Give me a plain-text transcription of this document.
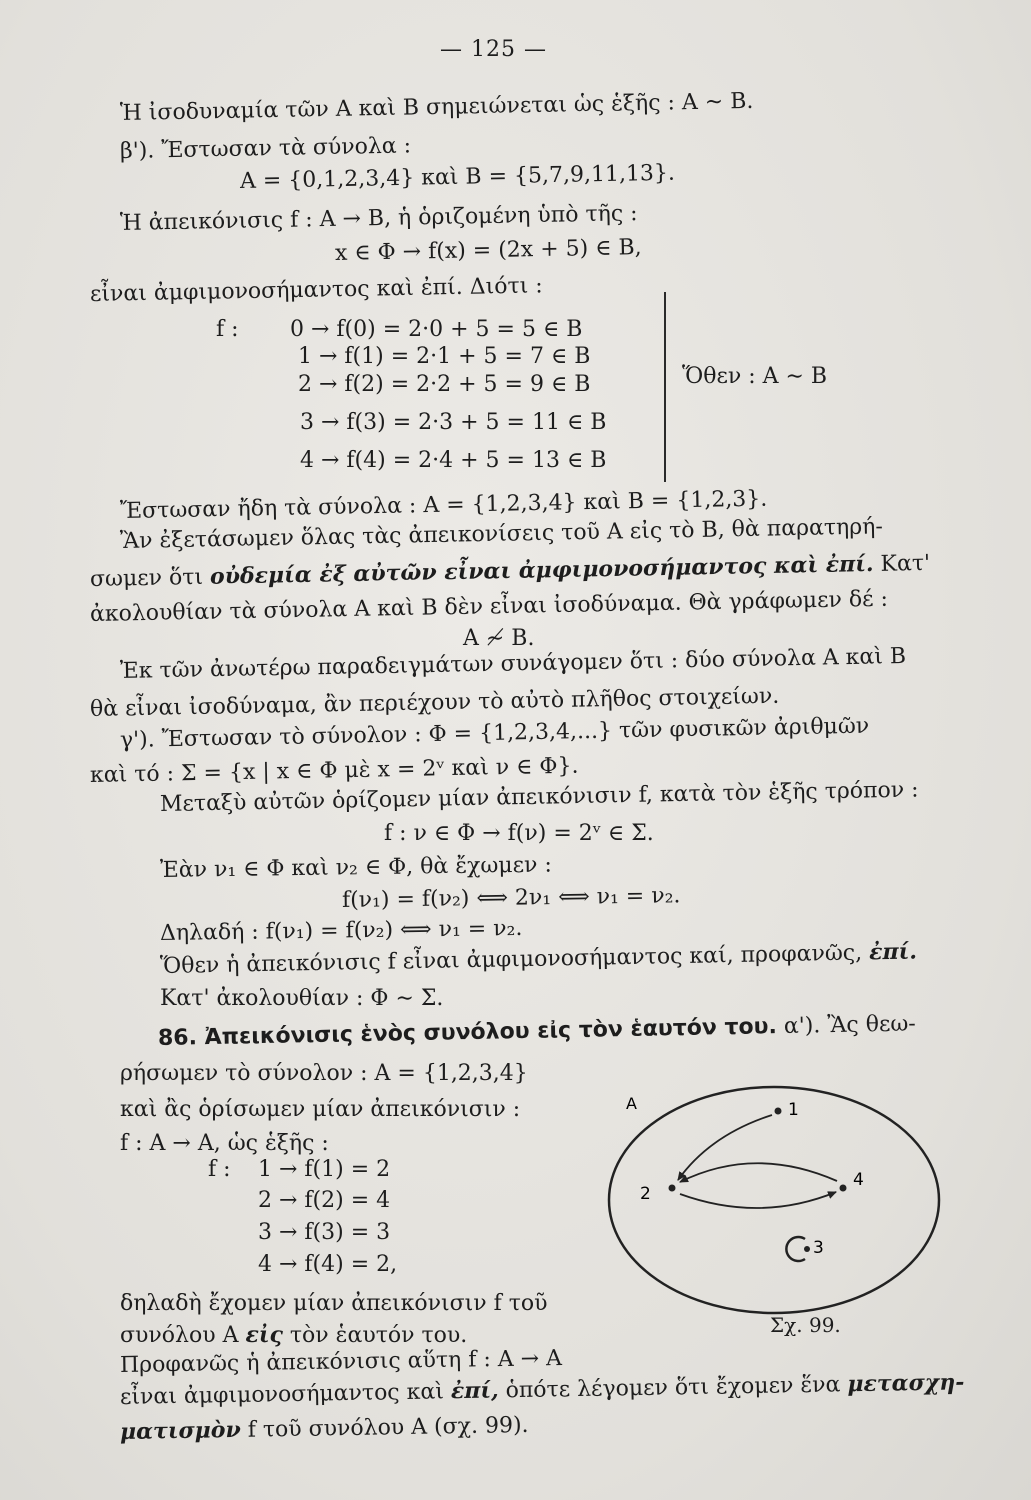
— 125 —
Ἡ ἰσοδυναμία τῶν Α καὶ Β σημειώνεται ὡς ἑξῆς : Α ∼ Β.
β'). Ἔστωσαν τὰ σύνολα :
Α = {0,1,2,3,4} καὶ Β = {5,7,9,11,13}.
Ἡ ἀπεικόνισις f : Α → Β, ἡ ὁριζομένη ὑπὸ τῆς :
x ∈ Φ → f(x) = (2x + 5) ∈ Β,
εἶναι ἀμφιμονοσήμαντος καὶ ἐπί. Διότι :
f : 0 → f(0) = 2·0 + 5 = 5 ∈ Β
1 → f(1) = 2·1 + 5 = 7 ∈ Β
2 → f(2) = 2·2 + 5 = 9 ∈ Β
3 → f(3) = 2·3 + 5 = 11 ∈ Β
4 → f(4) = 2·4 + 5 = 13 ∈ Β
Ὅθεν : Α ∼ Β
Ἔστωσαν ἤδη τὰ σύνολα : Α = {1,2,3,4} καὶ Β = {1,2,3}.
Ἂν ἐξετάσωμεν ὅλας τὰς ἀπεικονίσεις τοῦ Α εἰς τὸ Β, θὰ παρατηρή-
σωμεν ὅτι οὐδεμία ἐξ αὐτῶν εἶναι ἀμφιμονοσήμαντος καὶ ἐπί. Κατ'
ἀκολουθίαν τὰ σύνολα Α καὶ Β δὲν εἶναι ἰσοδύναμα. Θὰ γράφωμεν δέ :
Α ≁ Β.
Ἐκ τῶν ἀνωτέρω παραδειγμάτων συνάγομεν ὅτι : δύο σύνολα Α καὶ Β
θὰ εἶναι ἰσοδύναμα, ἂν περιέχουν τὸ αὐτὸ πλῆθος στοιχείων.
γ'). Ἔστωσαν τὸ σύνολον : Φ = {1,2,3,4,...} τῶν φυσικῶν ἀριθμῶν
καὶ τό : Σ = {x | x ∈ Φ μὲ x = 2ᵛ καὶ ν ∈ Φ}.
Μεταξὺ αὐτῶν ὁρίζομεν μίαν ἀπεικόνισιν f, κατὰ τὸν ἑξῆς τρόπον :
f : ν ∈ Φ → f(ν) = 2ᵛ ∈ Σ.
Ἐὰν ν₁ ∈ Φ καὶ ν₂ ∈ Φ, θὰ ἔχωμεν :
f(ν₁) = f(ν₂) ⟺ 2ν₁ ⟺ ν₁ = ν₂.
Δηλαδή : f(ν₁) = f(ν₂) ⟺ ν₁ = ν₂.
Ὅθεν ἡ ἀπεικόνισις f εἶναι ἀμφιμονοσήμαντος καί, προφανῶς, ἐπί.
Κατ' ἀκολουθίαν : Φ ∼ Σ.
86. Ἀπεικόνισις ἑνὸς συνόλου εἰς τὸν ἑαυτόν του. α'). Ἂς θεω-
ρήσωμεν τὸ σύνολον : Α = {1,2,3,4}
καὶ ἂς ὁρίσωμεν μίαν ἀπεικόνισιν :
f : Α → Α, ὡς ἑξῆς :
f : 1 → f(1) = 2
2 → f(2) = 4
3 → f(3) = 3
4 → f(4) = 2,
δηλαδὴ ἔχομεν μίαν ἀπεικόνισιν f τοῦ
συνόλου Α εἰς τὸν ἑαυτόν του.
Προφανῶς ἡ ἀπεικόνισις αὕτη f : Α → Α
εἶναι ἀμφιμονοσήμαντος καὶ ἐπί, ὁπότε λέγομεν ὅτι ἔχομεν ἕνα μετασχη-
ματισμὸν f τοῦ συνόλου Α (σχ. 99).
A	1
2
4
3
Σχ. 99.
